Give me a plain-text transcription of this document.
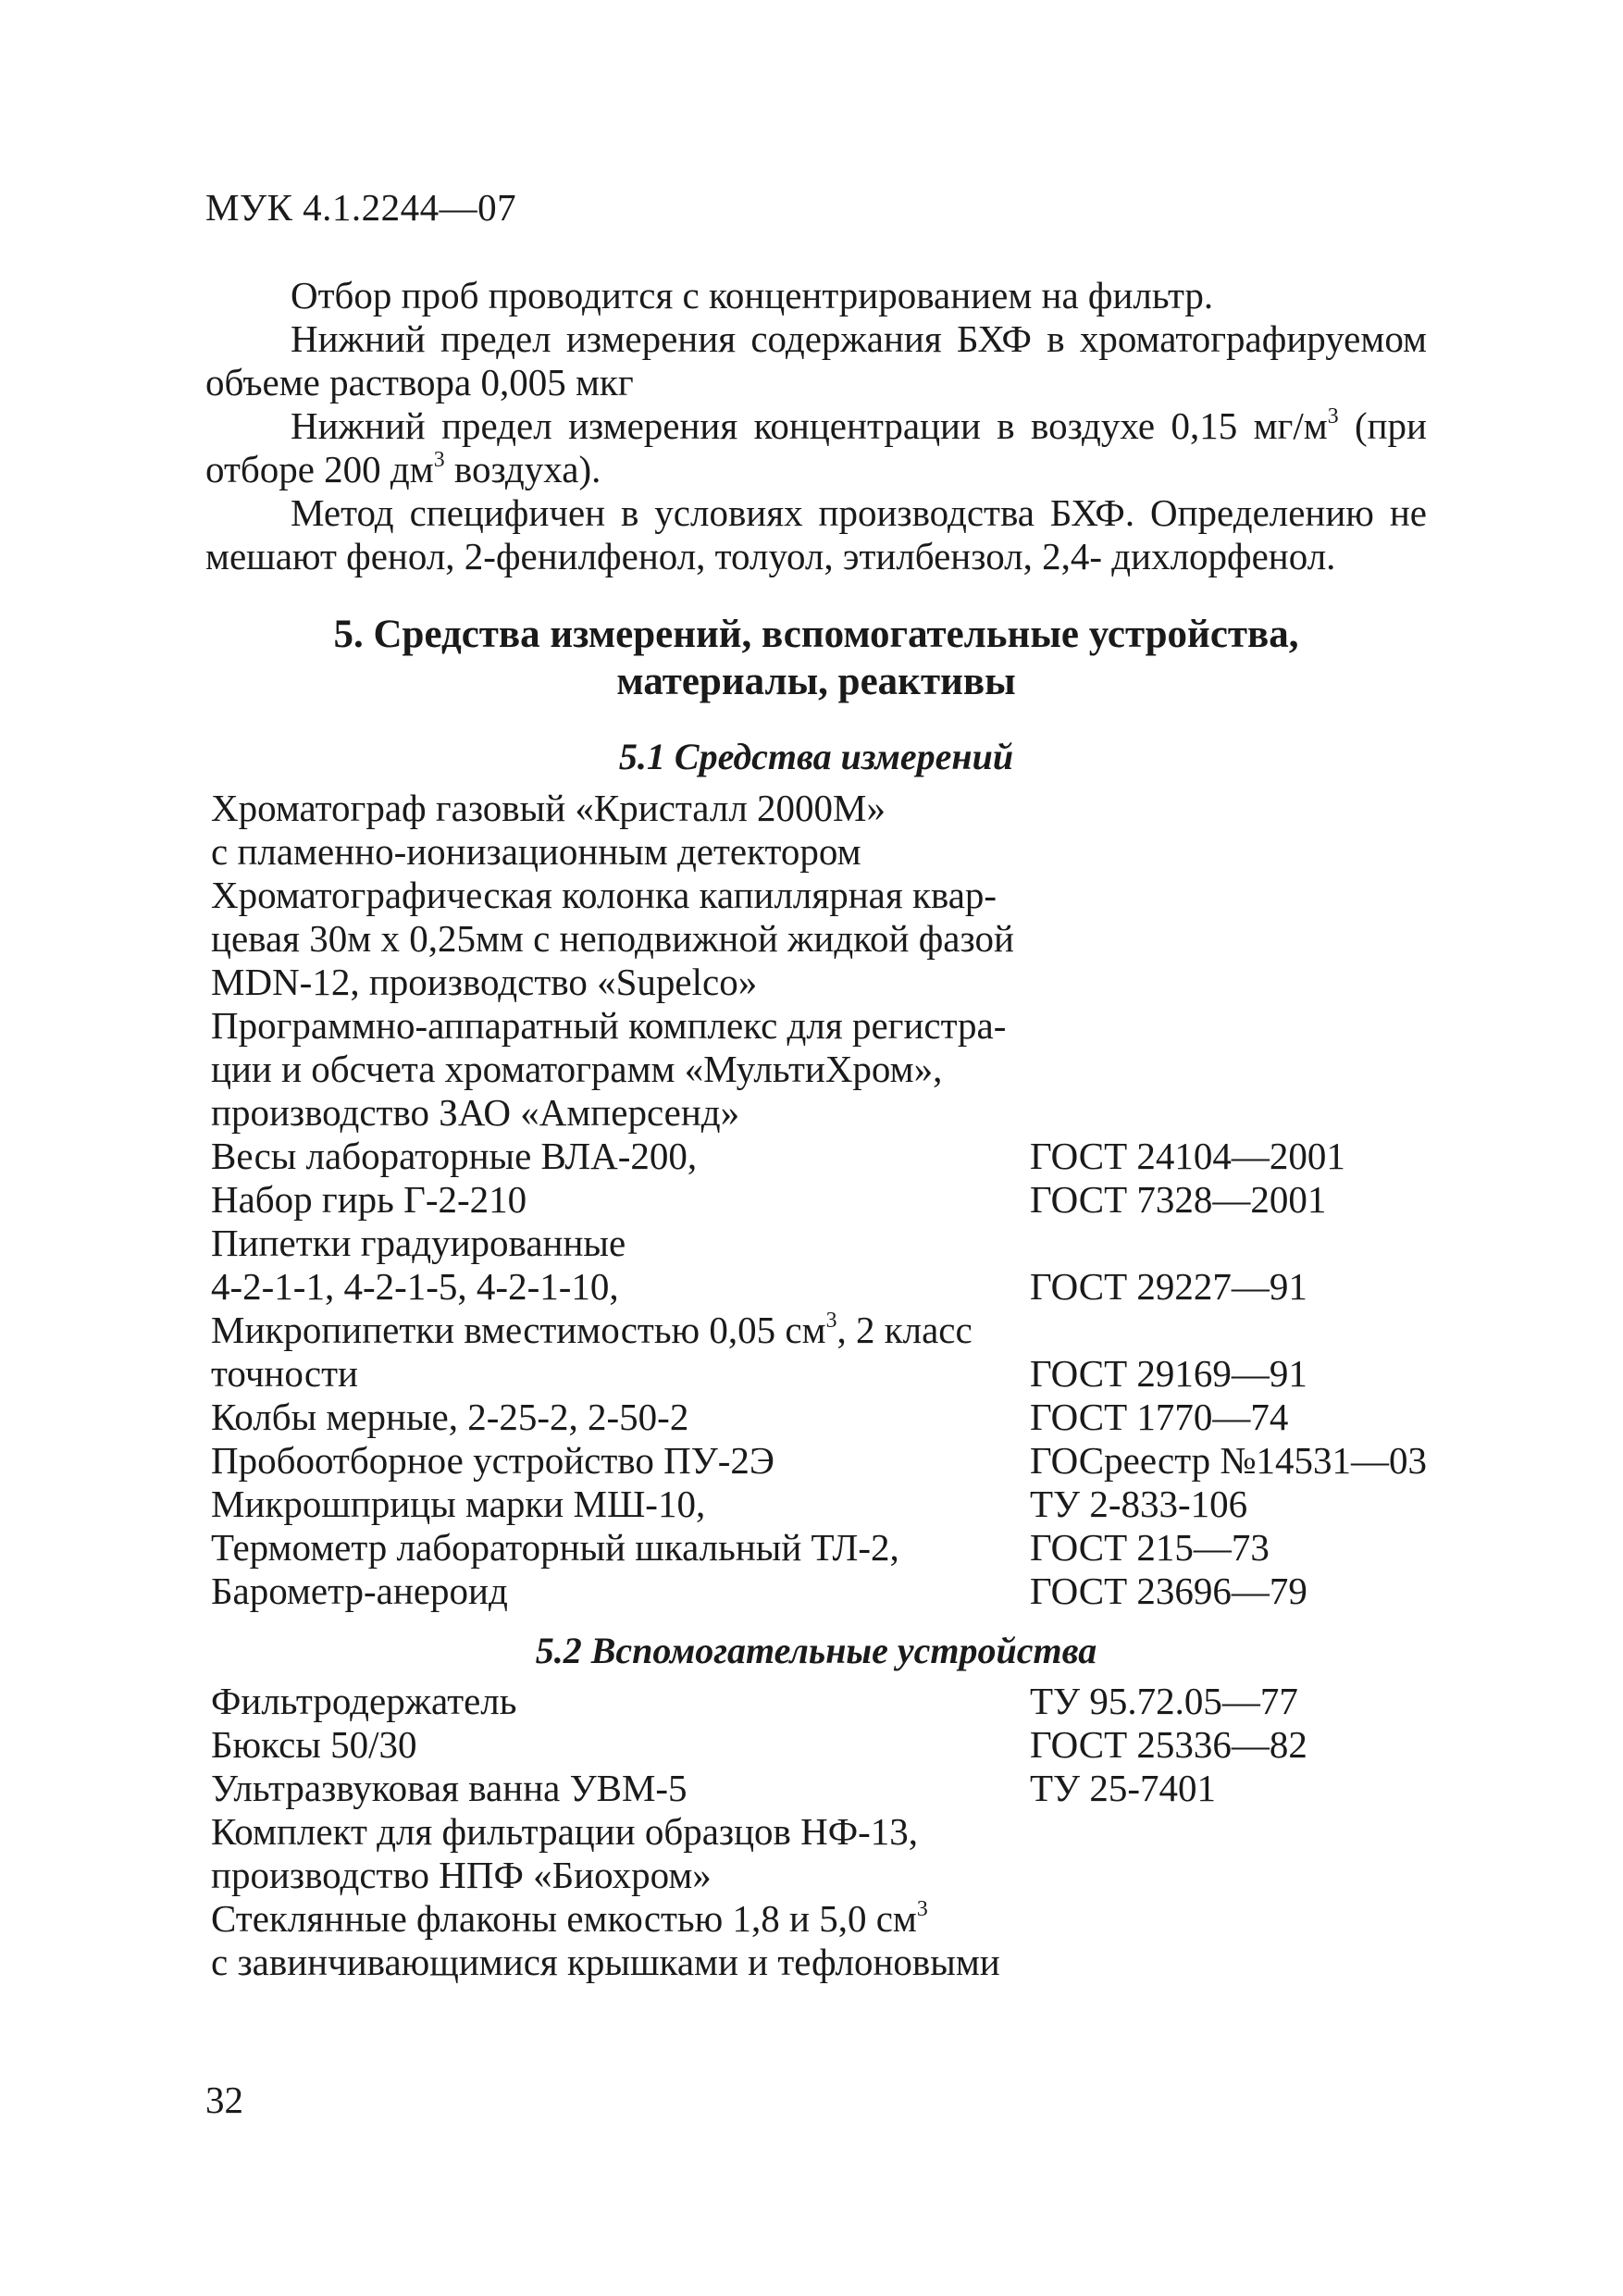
МУК 4.1.2244—07

Отбор проб проводится с концентрированием на фильтр.

Нижний предел измерения содержания БХФ в хроматографируемом объеме раствора 0,005 мкг

Нижний предел измерения концентрации в воздухе 0,15 $мг/м^3$ (при отборе 200 $дм^3$ воздуха).

Метод специфичен в условиях производства БХФ. Определению не мешают фенол, 2-фенилфенол, толуол, этилбензол, 2,4- дихлорфенол.

5. Средства измерений, вспомогательные устройства,
материалы, реактивы
5.1 Средства измерений
Хроматограф газовый «Кристалл 2000М»
с пламенно-ионизационным детектором
Хроматографическая колонка капиллярная квар-
цевая 30м х 0,25мм с неподвижной жидкой фазой
MDN-12, производство «Supelco»
Программно-аппаратный комплекс для регистра-
ции и обсчета хроматограмм «МультиХром»,
производство ЗАО «Амперсенд»
Весы лабораторные ВЛА-200,	ГОСТ 24104—2001
Набор гирь Г-2-210	ГОСТ 7328—2001
Пипетки градуированные
4-2-1-1, 4-2-1-5, 4-2-1-10,	ГОСТ 29227—91
Микропипетки вместимостью 0,05 $см^3$, 2 класс
точности	ГОСТ 29169—91
Колбы мерные, 2-25-2, 2-50-2	ГОСТ 1770—74
Пробоотборное устройство ПУ-2Э	ГОСреестр №14531—03
Микрошприцы марки МШ-10,	ТУ 2-833-106
Термометр лабораторный шкальный ТЛ-2,	ГОСТ 215—73
Барометр-анероид	ГОСТ 23696—79
5.2 Вспомогательные устройства
Фильтродержатель	ТУ 95.72.05—77
Бюксы 50/30	ГОСТ 25336—82
Ультразвуковая ванна УВМ-5	ТУ 25-7401
Комплект для фильтрации образцов НФ-13,
производство НПФ «Биохром»
Стеклянные флаконы емкостью 1,8 и 5,0 $см^3$
с завинчивающимися крышками и тефлоновыми
32
